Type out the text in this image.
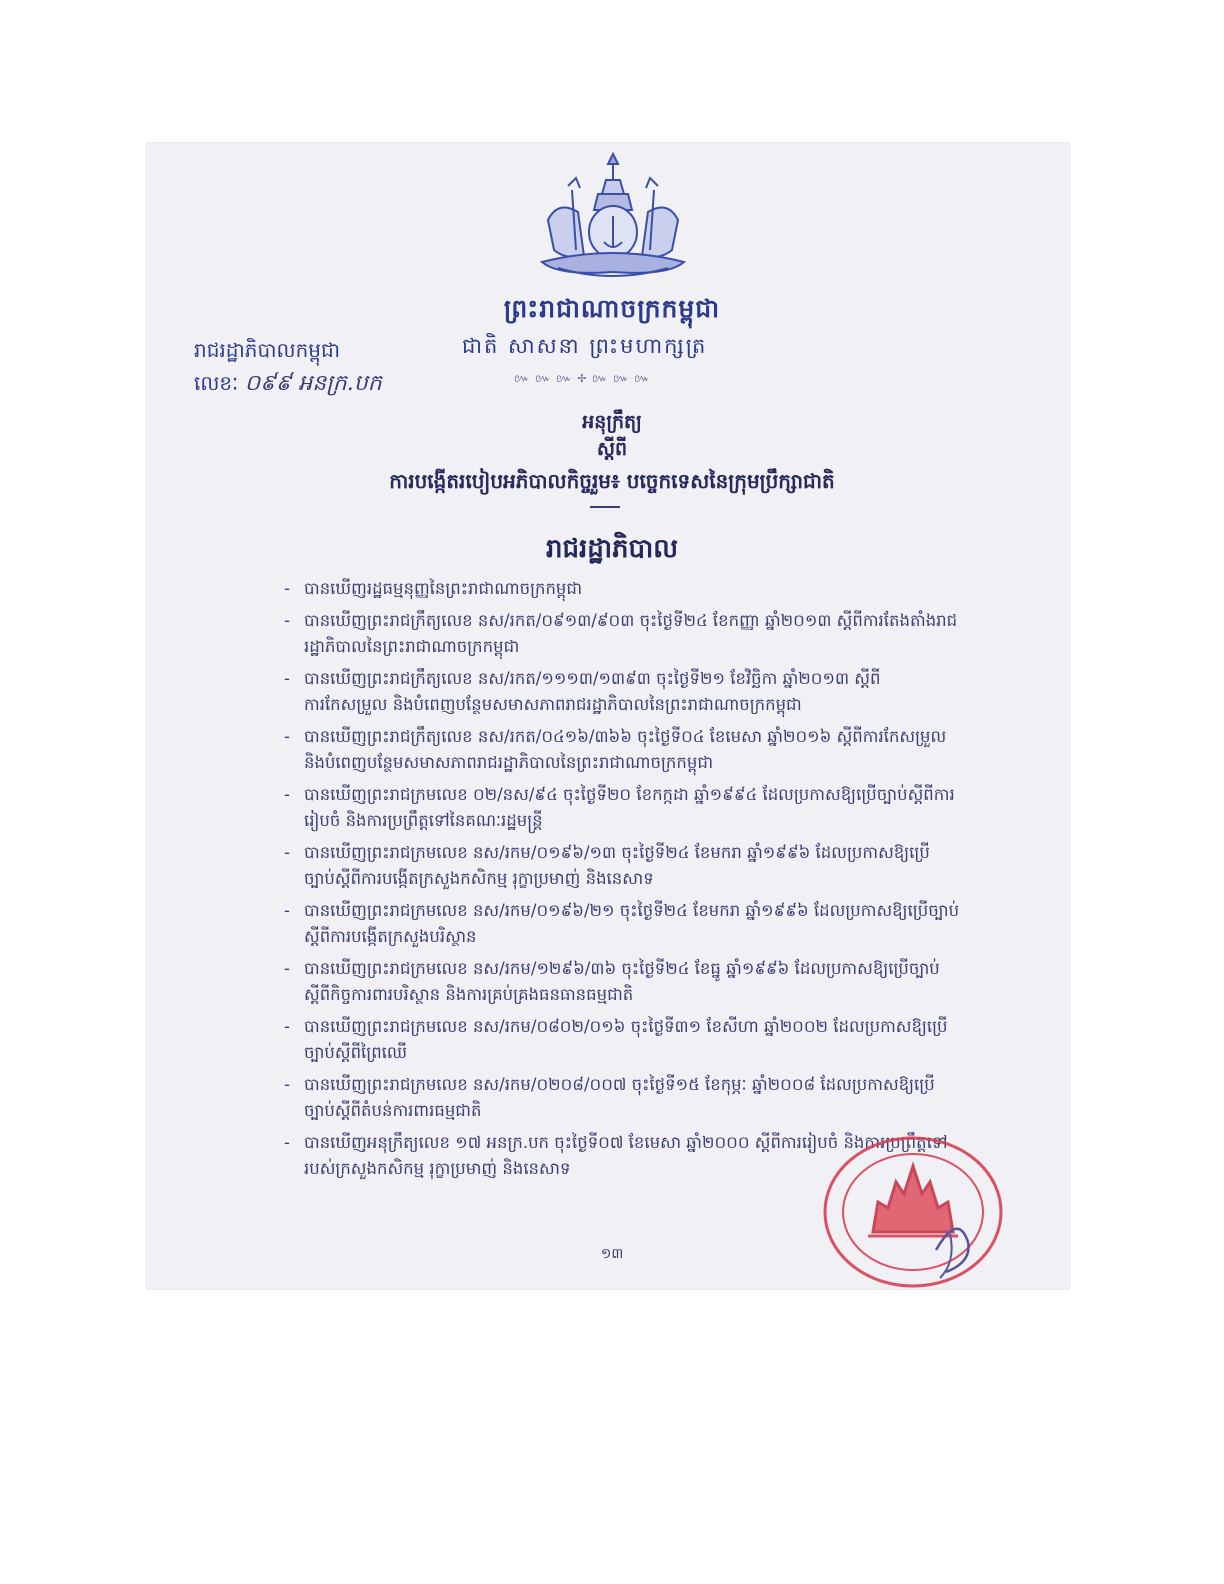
ព្រះរាជាណាចក្រកម្ពុជា
ជាតិ សាសនា ព្រះមហាក្សត្រ
៚ ៚ ៚ ✢ ៚ ៚ ៚
រាជរដ្ឋាភិបាលកម្ពុជា
លេខៈ ០៩៩ អនក្រ.បក
អនុក្រឹត្យ
ស្តីពី
ការបង្កើតរបៀបអភិបាលកិច្ចរួម៖ បច្ចេកទេសនៃក្រុមប្រឹក្សាជាតិ
រាជរដ្ឋាភិបាល
- បានឃើញរដ្ឋធម្មនុញ្ញនៃព្រះរាជាណាចក្រកម្ពុជា
- បានឃើញព្រះរាជក្រឹត្យលេខ នស/រកត/០៩១៣/៩០៣ ចុះថ្ងៃទី២៤ ខែកញ្ញា ឆ្នាំ២០១៣ ស្តីពីការតែងតាំងរាជរដ្ឋាភិបាលនៃព្រះរាជាណាចក្រកម្ពុជា
- បានឃើញព្រះរាជក្រឹត្យលេខ នស/រកត/១១១៣/១៣៩៣ ចុះថ្ងៃទី២១ ខែវិច្ឆិកា ឆ្នាំ២០១៣ ស្តីពីការកែសម្រួល និងបំពេញបន្ថែមសមាសភាពរាជរដ្ឋាភិបាលនៃព្រះរាជាណាចក្រកម្ពុជា
- បានឃើញព្រះរាជក្រឹត្យលេខ នស/រកត/០៤១៦/៣៦៦ ចុះថ្ងៃទី០៤ ខែមេសា ឆ្នាំ២០១៦ ស្តីពីការកែសម្រួល និងបំពេញបន្ថែមសមាសភាពរាជរដ្ឋាភិបាលនៃព្រះរាជាណាចក្រកម្ពុជា
- បានឃើញព្រះរាជក្រមលេខ ០២/នស/៩៤ ចុះថ្ងៃទី២០ ខែកក្កដា ឆ្នាំ១៩៩៤ ដែលប្រកាសឱ្យប្រើច្បាប់ស្តីពីការរៀបចំ និងការប្រព្រឹត្តទៅនៃគណៈរដ្ឋមន្ត្រី
- បានឃើញព្រះរាជក្រមលេខ នស/រកម/០១៩៦/១៣ ចុះថ្ងៃទី២៤ ខែមករា ឆ្នាំ១៩៩៦ ដែលប្រកាសឱ្យប្រើច្បាប់ស្តីពីការបង្កើតក្រសួងកសិកម្ម រុក្ខាប្រមាញ់ និងនេសាទ
- បានឃើញព្រះរាជក្រមលេខ នស/រកម/០១៩៦/២១ ចុះថ្ងៃទី២៤ ខែមករា ឆ្នាំ១៩៩៦ ដែលប្រកាសឱ្យប្រើច្បាប់ស្តីពីការបង្កើតក្រសួងបរិស្ថាន
- បានឃើញព្រះរាជក្រមលេខ នស/រកម/១២៩៦/៣៦ ចុះថ្ងៃទី២៤ ខែធ្នូ ឆ្នាំ១៩៩៦ ដែលប្រកាសឱ្យប្រើច្បាប់ស្តីពីកិច្ចការពារបរិស្ថាន និងការគ្រប់គ្រងធនធានធម្មជាតិ
- បានឃើញព្រះរាជក្រមលេខ នស/រកម/០៨០២/០១៦ ចុះថ្ងៃទី៣១ ខែសីហា ឆ្នាំ២០០២ ដែលប្រកាសឱ្យប្រើច្បាប់ស្តីពីព្រៃឈើ
- បានឃើញព្រះរាជក្រមលេខ នស/រកម/០២០៨/០០៧ ចុះថ្ងៃទី១៥ ខែកុម្ភៈ ឆ្នាំ២០០៨ ដែលប្រកាសឱ្យប្រើច្បាប់ស្តីពីតំបន់ការពារធម្មជាតិ
- បានឃើញអនុក្រឹត្យលេខ ១៧ អនក្រ.បក ចុះថ្ងៃទី០៧ ខែមេសា ឆ្នាំ២០០០ ស្តីពីការរៀបចំ និងការប្រព្រឹត្តទៅរបស់ក្រសួងកសិកម្ម រុក្ខាប្រមាញ់ និងនេសាទ
១៣
